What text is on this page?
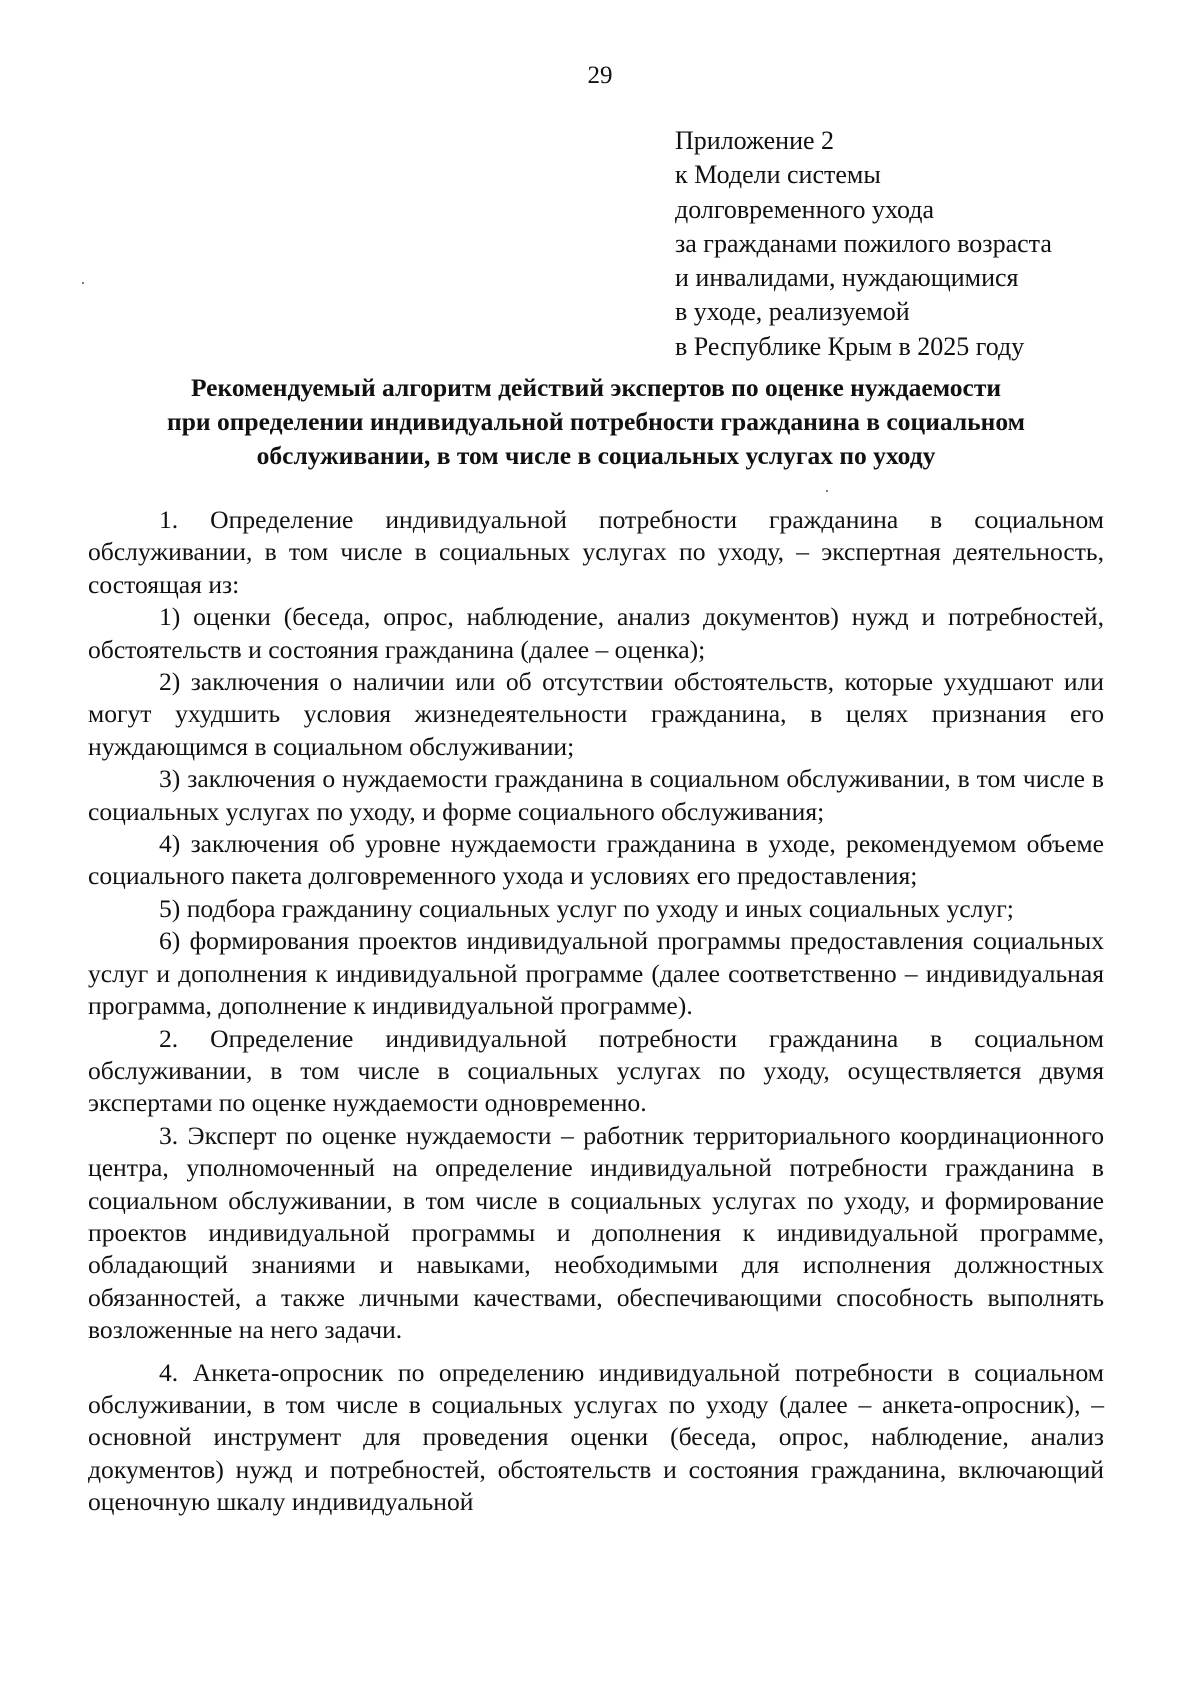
29
Приложение 2
к Модели системы
долговременного ухода
за гражданами пожилого возраста
и инвалидами, нуждающимися
в уходе, реализуемой
в Республике Крым в 2025 году
Рекомендуемый алгоритм действий экспертов по оценке нуждаемости
при определении индивидуальной потребности гражданина в социальном
обслуживании, в том числе в социальных услугах по уходу

1. Определение индивидуальной потребности гражданина в социальном обслуживании, в том числе в социальных услугах по уходу, – экспертная деятельность, состоящая из:

1) оценки (беседа, опрос, наблюдение, анализ документов) нужд и потребностей, обстоятельств и состояния гражданина (далее – оценка);

2) заключения о наличии или об отсутствии обстоятельств, которые ухудшают или могут ухудшить условия жизнедеятельности гражданина, в целях признания его нуждающимся в социальном обслуживании;

3) заключения о нуждаемости гражданина в социальном обслуживании, в том числе в социальных услугах по уходу, и форме социального обслуживания;

4) заключения об уровне нуждаемости гражданина в уходе, рекомендуемом объеме социального пакета долговременного ухода и условиях его предоставления;

5) подбора гражданину социальных услуг по уходу и иных социальных услуг;

6) формирования проектов индивидуальной программы предоставления социальных услуг и дополнения к индивидуальной программе (далее соответственно – индивидуальная программа, дополнение к индивидуальной программе).

2. Определение индивидуальной потребности гражданина в социальном обслуживании, в том числе в социальных услугах по уходу, осуществляется двумя экспертами по оценке нуждаемости одновременно.

3. Эксперт по оценке нуждаемости – работник территориального координационного центра, уполномоченный на определение индивидуальной потребности гражданина в социальном обслуживании, в том числе в социальных услугах по уходу, и формирование проектов индивидуальной программы и дополнения к индивидуальной программе, обладающий знаниями и навыками, необходимыми для исполнения должностных обязанностей, а также личными качествами, обеспечивающими способность выполнять возложенные на него задачи.

4. Анкета-опросник по определению индивидуальной потребности в социальном обслуживании, в том числе в социальных услугах по уходу (далее – анкета-опросник), – основной инструмент для проведения оценки (беседа, опрос, наблюдение, анализ документов) нужд и потребностей, обстоятельств и состояния гражданина, включающий оценочную шкалу индивидуальной
